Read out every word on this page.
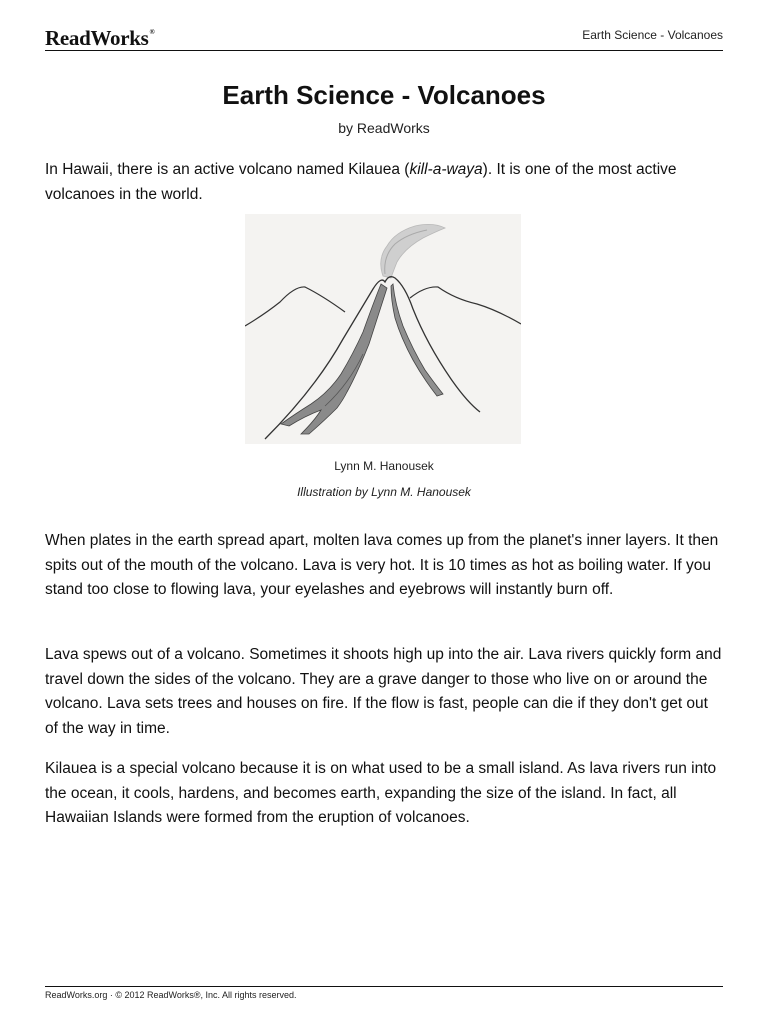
ReadWorks®	Earth Science - Volcanoes
Earth Science - Volcanoes
by ReadWorks

In Hawaii, there is an active volcano named Kilauea (kill-a-waya). It is one of the most active volcanoes in the world.

Lynn M. Hanousek
Illustration by Lynn M. Hanousek

When plates in the earth spread apart, molten lava comes up from the planet's inner layers. It then spits out of the mouth of the volcano. Lava is very hot. It is 10 times as hot as boiling water. If you stand too close to flowing lava, your eyelashes and eyebrows will instantly burn off.

Lava spews out of a volcano. Sometimes it shoots high up into the air. Lava rivers quickly form and travel down the sides of the volcano. They are a grave danger to those who live on or around the volcano. Lava sets trees and houses on fire. If the flow is fast, people can die if they don't get out of the way in time.

Kilauea is a special volcano because it is on what used to be a small island. As lava rivers run into the ocean, it cools, hardens, and becomes earth, expanding the size of the island. In fact, all Hawaiian Islands were formed from the eruption of volcanoes.

ReadWorks.org · © 2012 ReadWorks®, Inc. All rights reserved.
